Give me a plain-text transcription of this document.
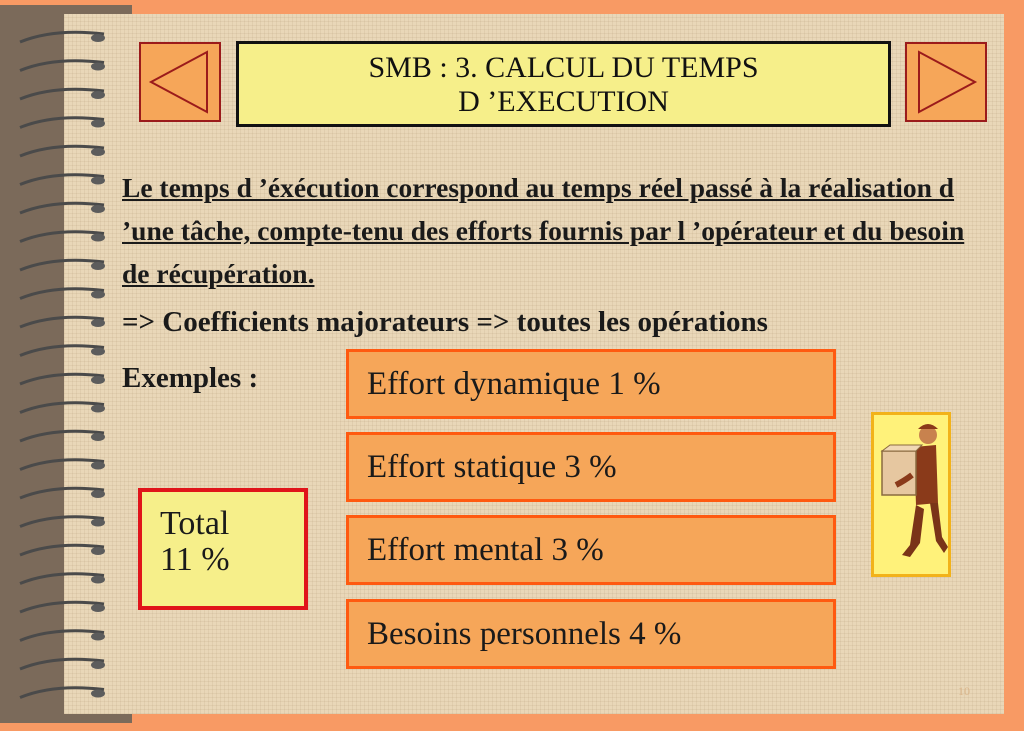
SMB : 3. CALCUL DU TEMPS
D ’EXECUTION
Le temps d ’éxécution correspond au temps réel passé à la réalisation d ’une tâche, compte-tenu des efforts fournis par l ’opérateur et du besoin de récupération.
=> Coefficients majorateurs => toutes les opérations
Exemples :	Effort dynamique 1 %
Effort statique 3 %
Effort mental 3 %
Besoins personnels 4 %
Total
11 %
10
